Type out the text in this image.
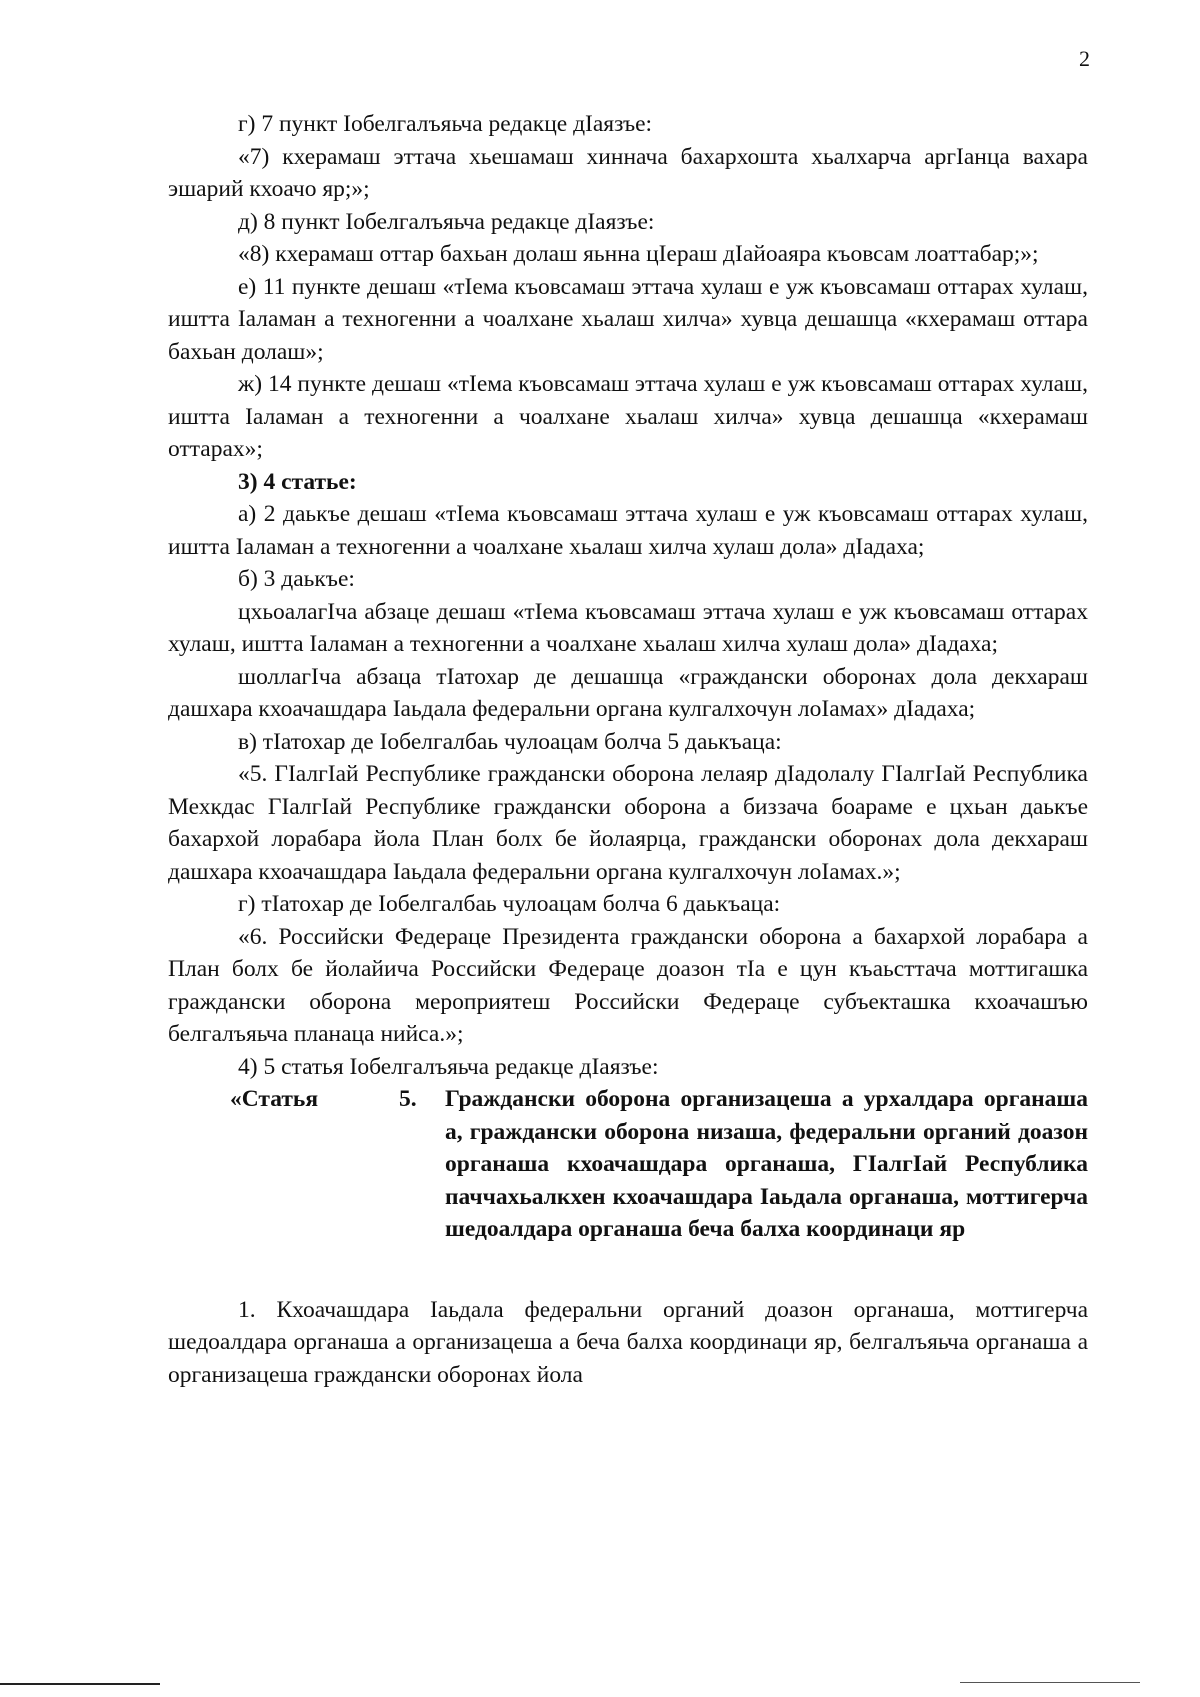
2

г) 7 пункт Iобелгалъяьча редакце дIаязъе:

«7) кхерамаш эттача хьешамаш хиннача бахархошта хьалхарча аргIанца вахара эшарий кхоачо яр;»;

д) 8 пункт Iобелгалъяьча редакце дIаязъе:

«8) кхерамаш оттар бахьан долаш яьнна цIераш дIайоаяра къовсам лоаттабар;»;

е) 11 пункте дешаш «тIема къовсамаш эттача хулаш е уж къовсамаш оттарах хулаш, иштта Iаламан а техногенни а чоалхане хьалаш хилча» хувца дешашца «кхерамаш оттара бахьан долаш»;

ж) 14 пункте дешаш «тIема къовсамаш эттача хулаш е уж къовсамаш оттарах хулаш, иштта Iаламан а техногенни а чоалхане хьалаш хилча» хувца дешашца «кхерамаш оттарах»;

3) 4 статье:

а) 2 даькъе дешаш «тIема къовсамаш эттача хулаш е уж къовсамаш оттарах хулаш, иштта Iаламан а техногенни а чоалхане хьалаш хилча хулаш дола» дIадаха;

б) 3 даькъе:

цхьоалагIча абзаце дешаш «тIема къовсамаш эттача хулаш е уж къовсамаш оттарах хулаш, иштта Iаламан а техногенни а чоалхане хьалаш хилча хулаш дола» дIадаха;

шоллагIча абзаца тIатохар де дешашца «граждански оборонах дола декхараш дашхара кхоачашдара Iаьдала федеральни органа кулгалхочун лоIамах» дIадаха;

в) тIатохар де Iобелгалбаь чулоацам болча 5 даькъаца:

«5. ГIалгIай Республике граждански оборона лелаяр дIадолалу ГIалгIай Республика Мехкдас ГIалгIай Республике граждански оборона а биззача боараме е цхьан даькъе бахархой лорабара йола План болх бе йолаярца, граждански оборонах дола декхараш дашхара кхоачашдара Iаьдала федеральни органа кулгалхочун лоIамах.»;

г) тIатохар де Iобелгалбаь чулоацам болча 6 даькъаца:

«6. Российски Федераце Президента граждански оборона а бахархой лорабара а План болх бе йолайича Российски Федераце доазон тIа е цун къаьсттача моттигашка граждански оборона мероприятеш Российски Федераце субъекташка кхоачашъю белгалъяьча планаца нийса.»;

4) 5 статья Iобелгалъяьча редакце дIаязъе:

«Статья	5.	Граждански оборона организацеша а урхалдара органаша а, граждански оборона низаша, федеральни органий доазон органаша кхоачашдара органаша, ГIалгIай Республика паччахьалкхен кхоачашдара Iаьдала органаша, моттигерча шедоалдара органаша беча балха координаци яр

1. Кхоачашдара Iаьдала федеральни органий доазон органаша, моттигерча шедоалдара органаша а организацеша а беча балха координаци яр, белгалъяьча органаша а организацеша граждански оборонах йола
